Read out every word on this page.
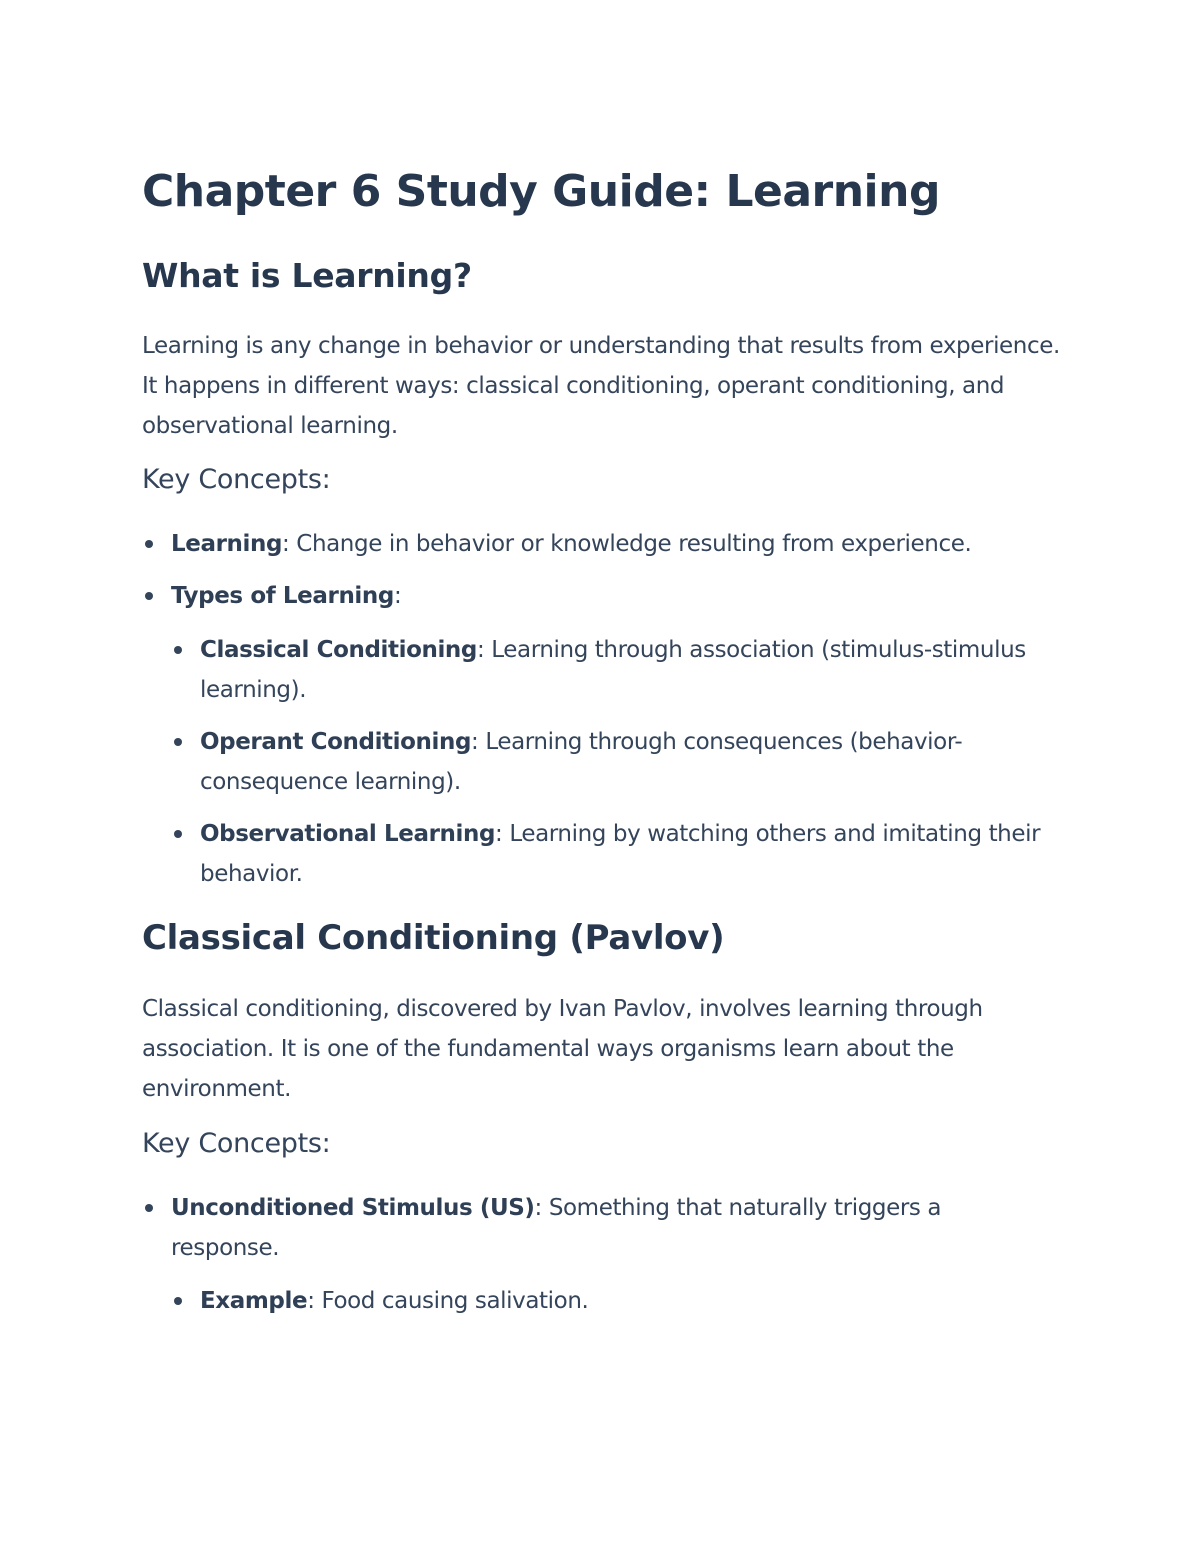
Chapter 6 Study Guide: Learning
What is Learning?

Learning is any change in behavior or understanding that results from experience. It happens in different ways: classical conditioning, operant conditioning, and observational learning.

Key Concepts:
Learning: Change in behavior or knowledge resulting from experience.
Types of Learning:
Classical Conditioning: Learning through association (stimulus-stimulus learning).
Operant Conditioning: Learning through consequences (behavior-consequence learning).
Observational Learning: Learning by watching others and imitating their behavior.
Classical Conditioning (Pavlov)

Classical conditioning, discovered by Ivan Pavlov, involves learning through association. It is one of the fundamental ways organisms learn about the environment.

Key Concepts:
Unconditioned Stimulus (US): Something that naturally triggers a response.
Example: Food causing salivation.
